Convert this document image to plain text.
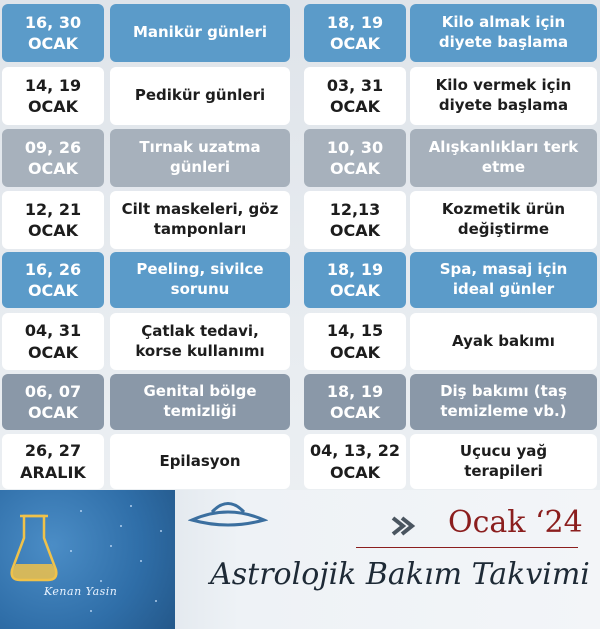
16, 30
OCAK
Manikür günleri
14, 19
OCAK
Pedikür günleri
09, 26
OCAK
Tırnak uzatma
günleri
12, 21
OCAK
Cilt maskeleri, göz
tamponları
16, 26
OCAK
Peeling, sivilce
sorunu
04, 31
OCAK
Çatlak tedavi,
korse kullanımı
06, 07
OCAK
Genital bölge
temizliği
26, 27
ARALIK
Epilasyon
18, 19
OCAK
Kilo almak için
diyete başlama
03, 31
OCAK
Kilo vermek için
diyete başlama
10, 30
OCAK
Alışkanlıkları terk
etme
12,13
OCAK
Kozmetik ürün
değiştirme
18, 19
OCAK
Spa, masaj için
ideal günler
14, 15
OCAK
Ayak bakımı
18, 19
OCAK
Diş bakımı (taş
temizleme vb.)
04, 13, 22
OCAK
Uçucu yağ
terapileri
Kenan Yasin
Ocak ‘24
Astrolojik Bakım Takvimi
